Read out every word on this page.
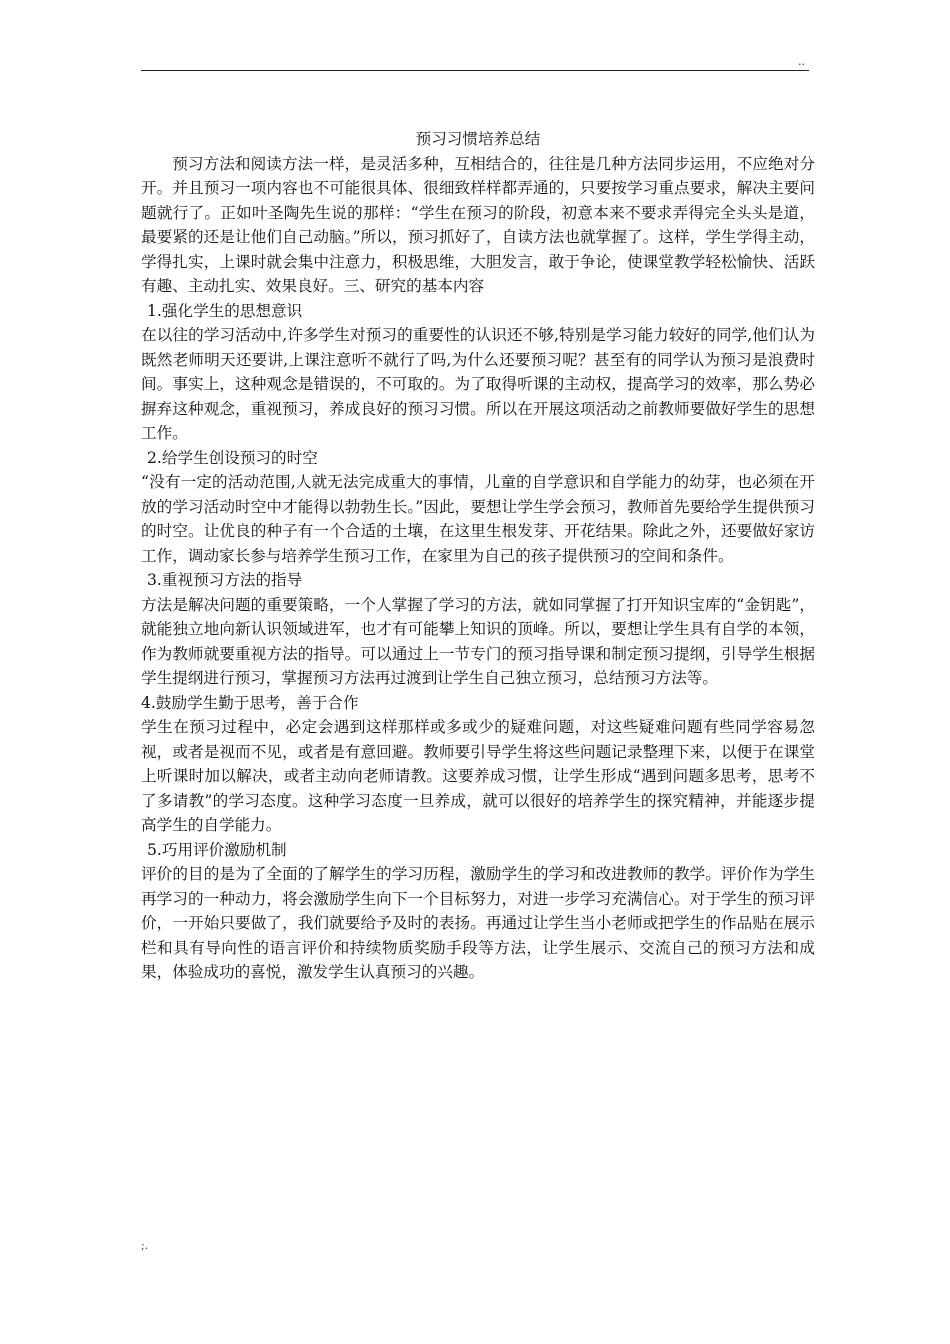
..
预习习惯培养总结

预习方法和阅读方法一样，是灵活多种，互相结合的，往往是几种方法同步运用，不应绝对分开。并且预习一项内容也不可能很具体、很细致样样都弄通的，只要按学习重点要求，解决主要问题就行了。正如叶圣陶先生说的那样：“学生在预习的阶段，初意本来不要求弄得完全头头是道，最要紧的还是让他们自己动脑。”所以，预习抓好了，自读方法也就掌握了。这样，学生学得主动，学得扎实，上课时就会集中注意力，积极思维，大胆发言，敢于争论，使课堂教学轻松愉快、活跃有趣、主动扎实、效果良好。三、研究的基本内容

1.强化学生的思想意识

在以往的学习活动中,许多学生对预习的重要性的认识还不够,特别是学习能力较好的同学,他们认为既然老师明天还要讲,上课注意听不就行了吗,为什么还要预习呢？甚至有的同学认为预习是浪费时间。事实上，这种观念是错误的，不可取的。为了取得听课的主动权，提高学习的效率，那么势必摒弃这种观念，重视预习，养成良好的预习习惯。所以在开展这项活动之前教师要做好学生的思想工作。

2.给学生创设预习的时空

“没有一定的活动范围,人就无法完成重大的事情，儿童的自学意识和自学能力的幼芽，也必须在开放的学习活动时空中才能得以勃勃生长。”因此，要想让学生学会预习，教师首先要给学生提供预习的时空。让优良的种子有一个合适的土壤，在这里生根发芽、开花结果。除此之外，还要做好家访工作，调动家长参与培养学生预习工作，在家里为自己的孩子提供预习的空间和条件。

3.重视预习方法的指导

方法是解决问题的重要策略，一个人掌握了学习的方法，就如同掌握了打开知识宝库的“金钥匙”，就能独立地向新认识领域进军，也才有可能攀上知识的顶峰。所以，要想让学生具有自学的本领，作为教师就要重视方法的指导。可以通过上一节专门的预习指导课和制定预习提纲，引导学生根据学生提纲进行预习，掌握预习方法再过渡到让学生自己独立预习，总结预习方法等。

4.鼓励学生勤于思考，善于合作

学生在预习过程中，必定会遇到这样那样或多或少的疑难问题，对这些疑难问题有些同学容易忽视，或者是视而不见，或者是有意回避。教师要引导学生将这些问题记录整理下来，以便于在课堂上听课时加以解决，或者主动向老师请教。这要养成习惯，让学生形成“遇到问题多思考，思考不了多请教”的学习态度。这种学习态度一旦养成，就可以很好的培养学生的探究精神，并能逐步提高学生的自学能力。

5.巧用评价激励机制

评价的目的是为了全面的了解学生的学习历程，激励学生的学习和改进教师的教学。评价作为学生再学习的一种动力，将会激励学生向下一个目标努力，对进一步学习充满信心。对于学生的预习评价，一开始只要做了，我们就要给予及时的表扬。再通过让学生当小老师或把学生的作品贴在展示栏和具有导向性的语言评价和持续物质奖励手段等方法，让学生展示、交流自己的预习方法和成果，体验成功的喜悦，激发学生认真预习的兴趣。

;.
